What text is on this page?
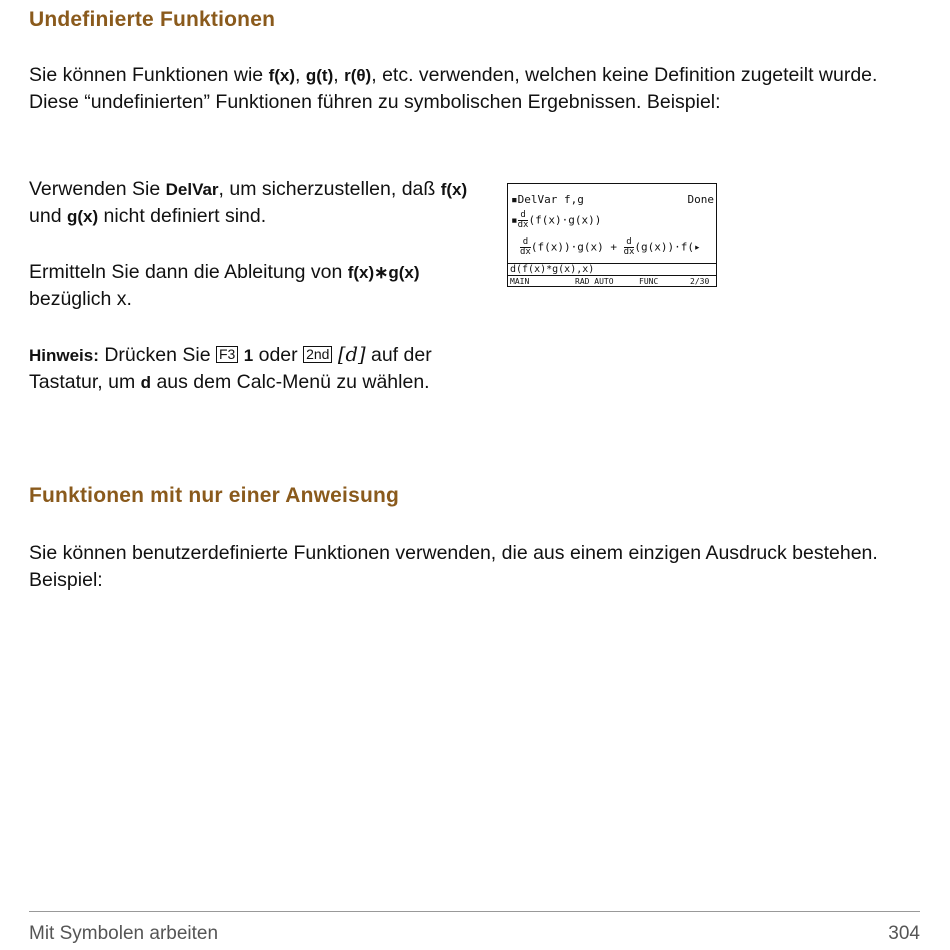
Undefinierte Funktionen

Sie können Funktionen wie f(x), g(t), r(θ), etc. verwenden, welchen keine Definition zugeteilt wurde. Diese “undefinierten” Funktionen führen zu symbolischen Ergebnissen. Beispiel:

Verwenden Sie DelVar, um sicherzustellen, daß f(x) und g(x) nicht definiert sind.

Ermitteln Sie dann die Ableitung von f(x)∗g(x) bezüglich x.

Hinweis: Drücken Sie F3 1 oder 2nd [d] auf der Tastatur, um d aus dem Calc-Menü zu wählen.

▪DelVar f,g	Done
▪ $\frac{d}{dx} (f(x)\cdot g(x))$
$\frac{d}{dx} (f(x))\cdot g(x) + \frac{d}{dx}$ (g(x))·f(▸
d(f(x)*g(x),x)
MAIN	RAD AUTO	FUNC	2/30
Funktionen mit nur einer Anweisung

Sie können benutzerdefinierte Funktionen verwenden, die aus einem einzigen Ausdruck bestehen. Beispiel:

Mit Symbolen arbeiten	304
